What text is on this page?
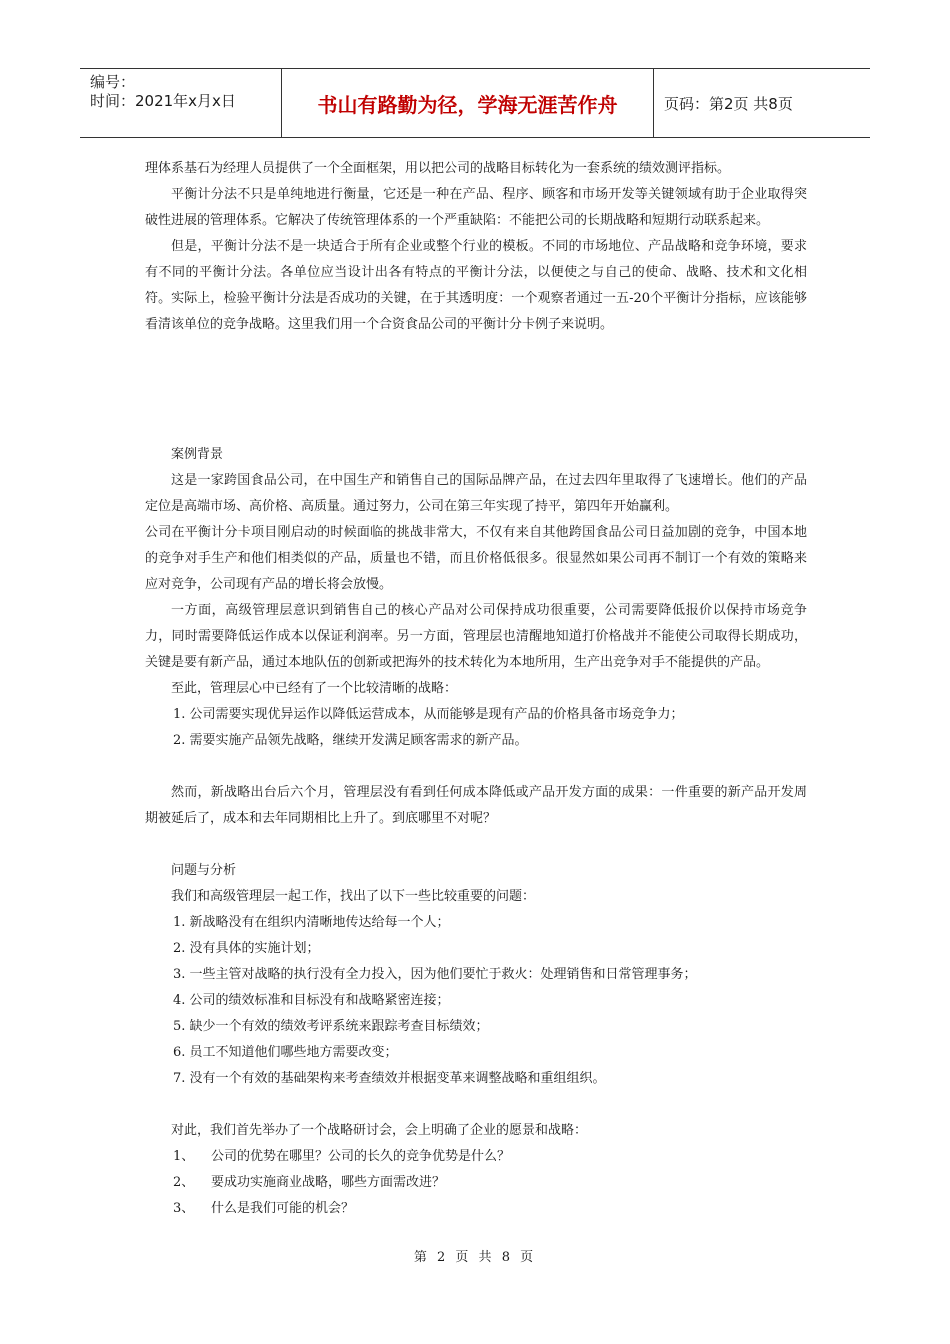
编号：
时间：2021年x月x日	书山有路勤为径，学海无涯苦作舟	页码：第2页 共8页

理体系基石为经理人员提供了一个全面框架，用以把公司的战略目标转化为一套系统的绩效测评指标。

平衡计分法不只是单纯地进行衡量，它还是一种在产品、程序、顾客和市场开发等关键领域有助于企业取得突破性进展的管理体系。它解决了传统管理体系的一个严重缺陷：不能把公司的长期战略和短期行动联系起来。

但是，平衡计分法不是一块适合于所有企业或整个行业的模板。不同的市场地位、产品战略和竞争环境，要求有不同的平衡计分法。各单位应当设计出各有特点的平衡计分法，以便使之与自己的使命、战略、技术和文化相符。实际上，检验平衡计分法是否成功的关键，在于其透明度：一个观察者通过一五-20个平衡计分指标，应该能够看清该单位的竞争战略。这里我们用一个合资食品公司的平衡计分卡例子来说明。

案例背景

这是一家跨国食品公司，在中国生产和销售自己的国际品牌产品，在过去四年里取得了飞速增长。他们的产品定位是高端市场、高价格、高质量。通过努力，公司在第三年实现了持平，第四年开始赢利。

公司在平衡计分卡项目刚启动的时候面临的挑战非常大，不仅有来自其他跨国食品公司日益加剧的竞争，中国本地的竞争对手生产和他们相类似的产品，质量也不错，而且价格低很多。很显然如果公司再不制订一个有效的策略来应对竞争，公司现有产品的增长将会放慢。

一方面，高级管理层意识到销售自己的核心产品对公司保持成功很重要，公司需要降低报价以保持市场竞争力，同时需要降低运作成本以保证利润率。另一方面，管理层也清醒地知道打价格战并不能使公司取得长期成功，关键是要有新产品，通过本地队伍的创新或把海外的技术转化为本地所用，生产出竞争对手不能提供的产品。

至此，管理层心中已经有了一个比较清晰的战略：

1. 公司需要实现优异运作以降低运营成本，从而能够是现有产品的价格具备市场竞争力；

2. 需要实施产品领先战略，继续开发满足顾客需求的新产品。

然而，新战略出台后六个月，管理层没有看到任何成本降低或产品开发方面的成果：一件重要的新产品开发周期被延后了，成本和去年同期相比上升了。到底哪里不对呢？

问题与分析

我们和高级管理层一起工作，找出了以下一些比较重要的问题：

1. 新战略没有在组织内清晰地传达给每一个人；

2. 没有具体的实施计划；

3. 一些主管对战略的执行没有全力投入，因为他们要忙于救火：处理销售和日常管理事务；

4. 公司的绩效标准和目标没有和战略紧密连接；

5. 缺少一个有效的绩效考评系统来跟踪考查目标绩效；

6. 员工不知道他们哪些地方需要改变；

7. 没有一个有效的基础架构来考查绩效并根据变革来调整战略和重组组织。

对此，我们首先举办了一个战略研讨会，会上明确了企业的愿景和战略：

1、 公司的优势在哪里？公司的长久的竞争优势是什么？

2、 要成功实施商业战略，哪些方面需改进？

3、 什么是我们可能的机会？

第 2 页 共 8 页
